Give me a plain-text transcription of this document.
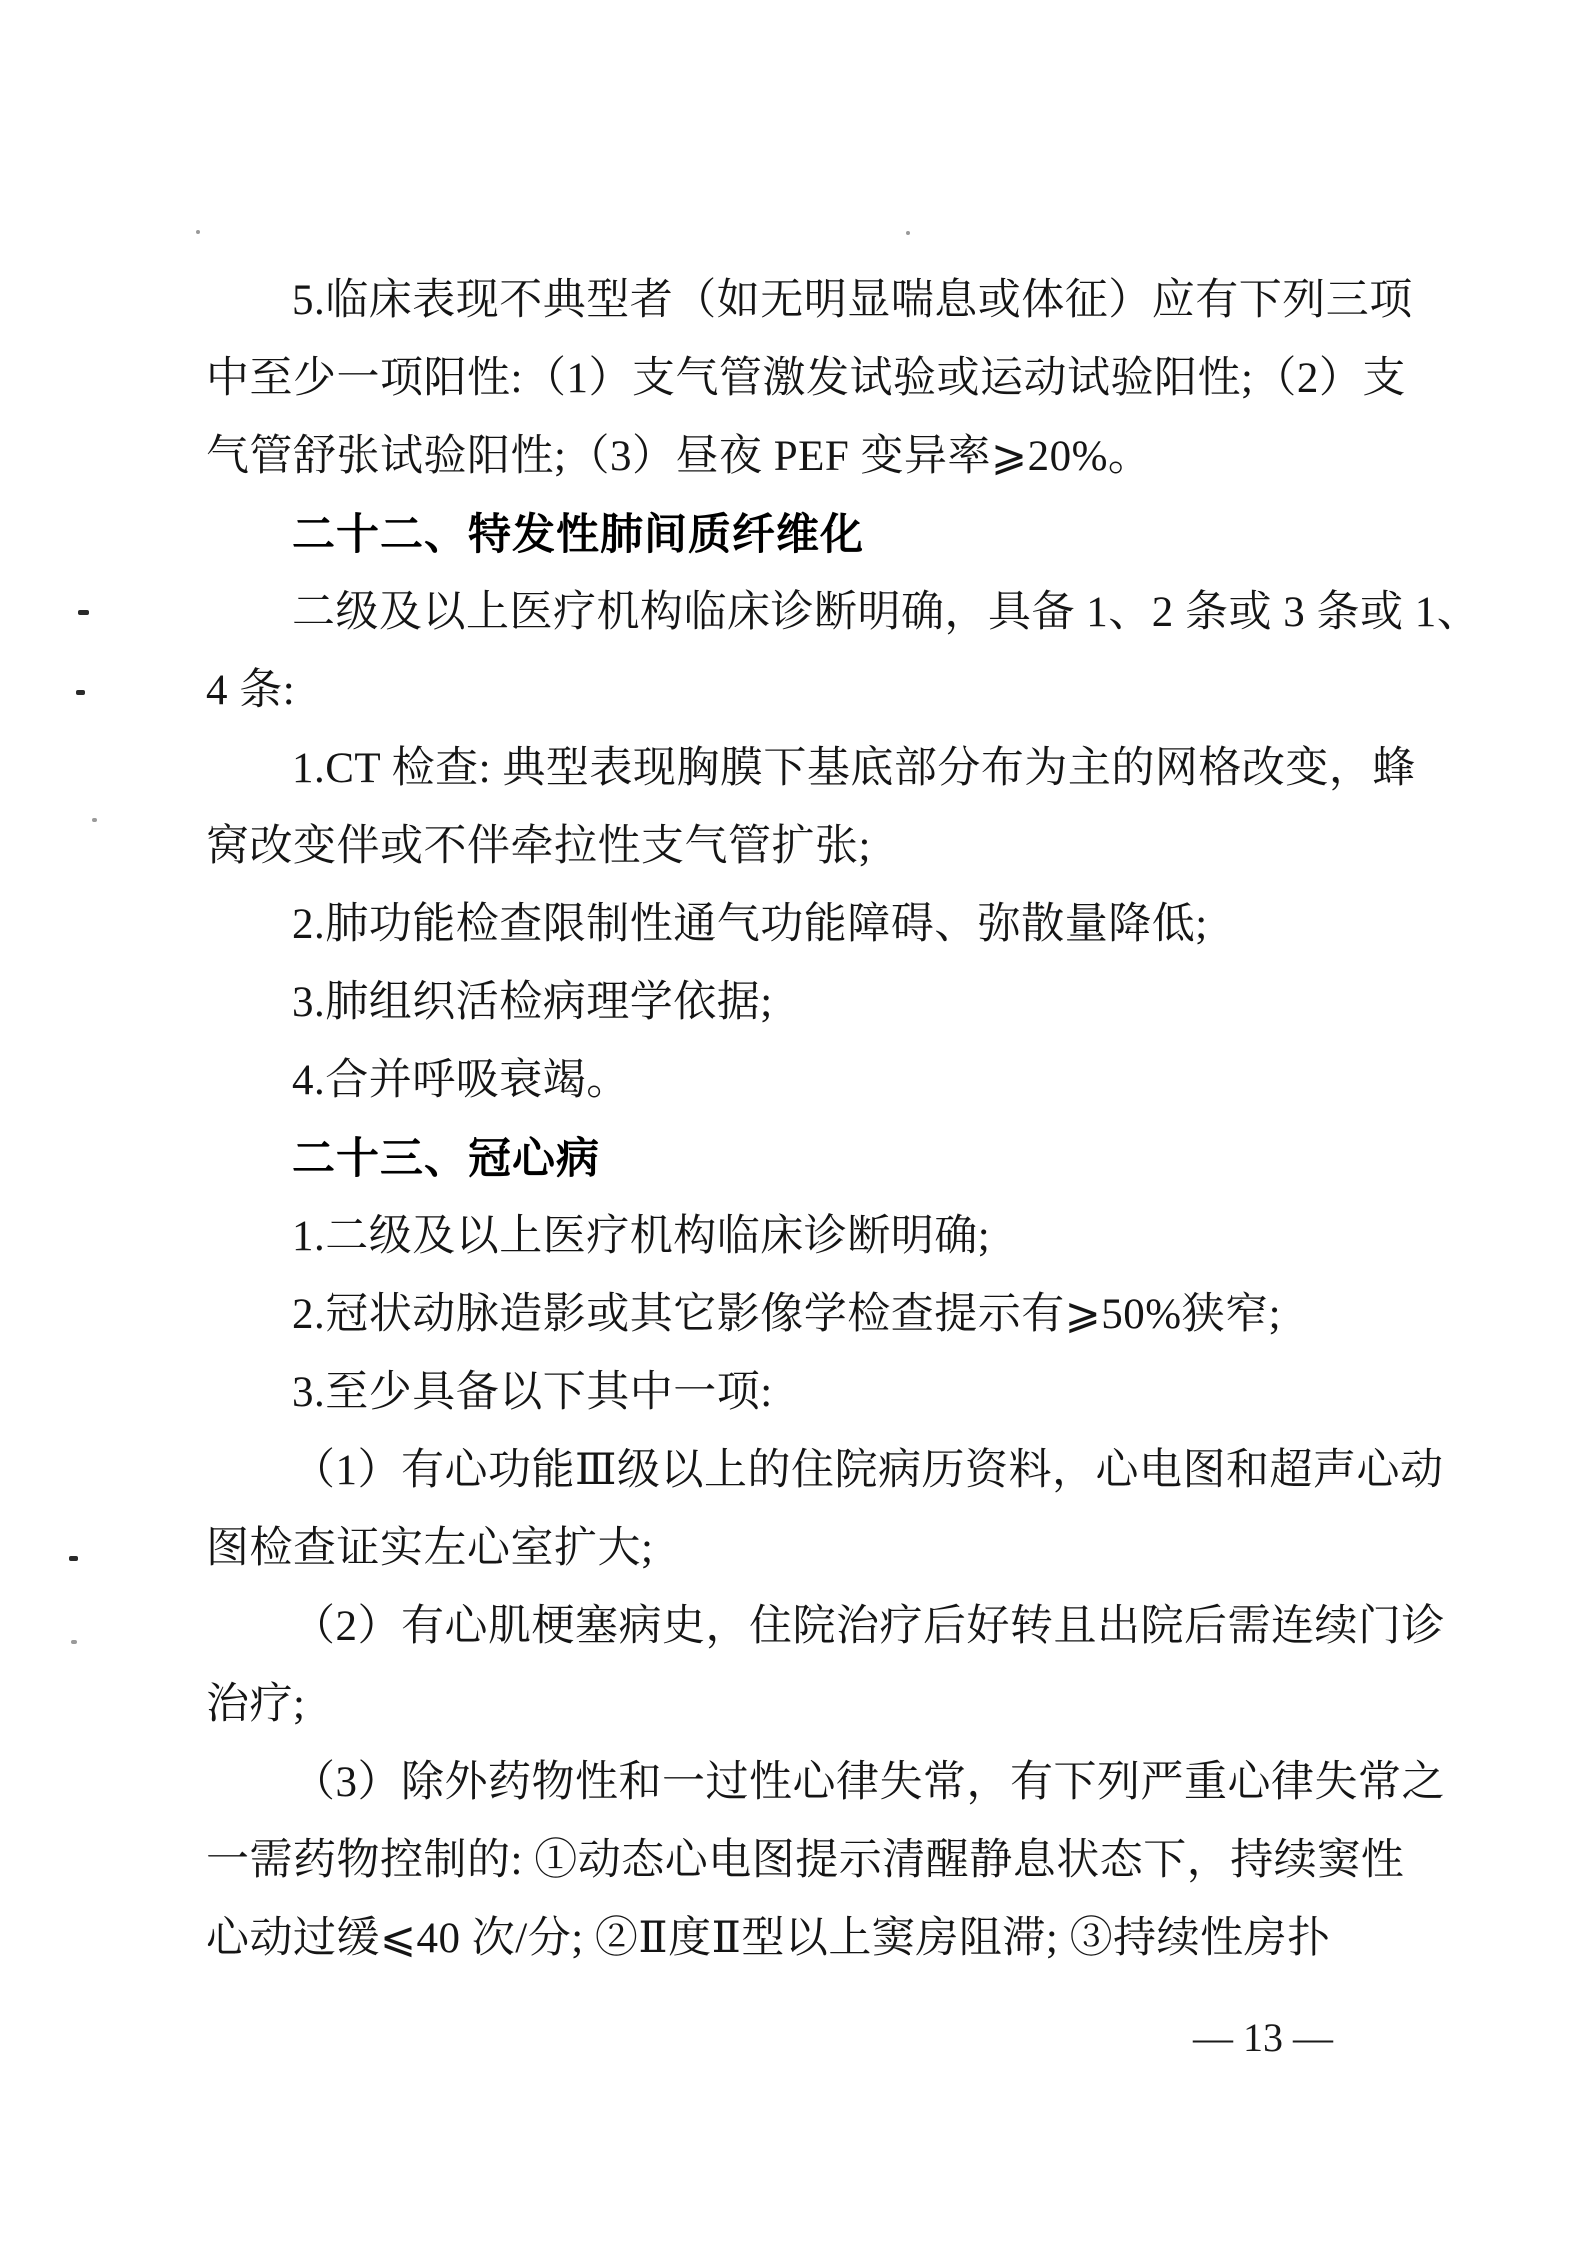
5.临床表现不典型者（如无明显喘息或体征）应有下列三项
中至少一项阳性:（1）支气管激发试验或运动试验阳性;（2）支
气管舒张试验阳性;（3）昼夜 PEF 变异率⩾20%。
二十二、特发性肺间质纤维化
二级及以上医疗机构临床诊断明确，具备 1、2 条或 3 条或 1、
4 条:
1.CT 检查: 典型表现胸膜下基底部分布为主的网格改变，蜂
窝改变伴或不伴牵拉性支气管扩张;
2.肺功能检查限制性通气功能障碍、弥散量降低;
3.肺组织活检病理学依据;
4.合并呼吸衰竭。
二十三、冠心病
1.二级及以上医疗机构临床诊断明确;
2.冠状动脉造影或其它影像学检查提示有⩾50%狭窄;
3.至少具备以下其中一项:
（1）有心功能Ⅲ级以上的住院病历资料，心电图和超声心动
图检查证实左心室扩大;
（2）有心肌梗塞病史，住院治疗后好转且出院后需连续门诊
治疗;
（3）除外药物性和一过性心律失常，有下列严重心律失常之
一需药物控制的: ①动态心电图提示清醒静息状态下，持续窦性
心动过缓⩽40 次/分; ②Ⅱ度Ⅱ型以上窦房阻滞; ③持续性房扑
— 13 —
